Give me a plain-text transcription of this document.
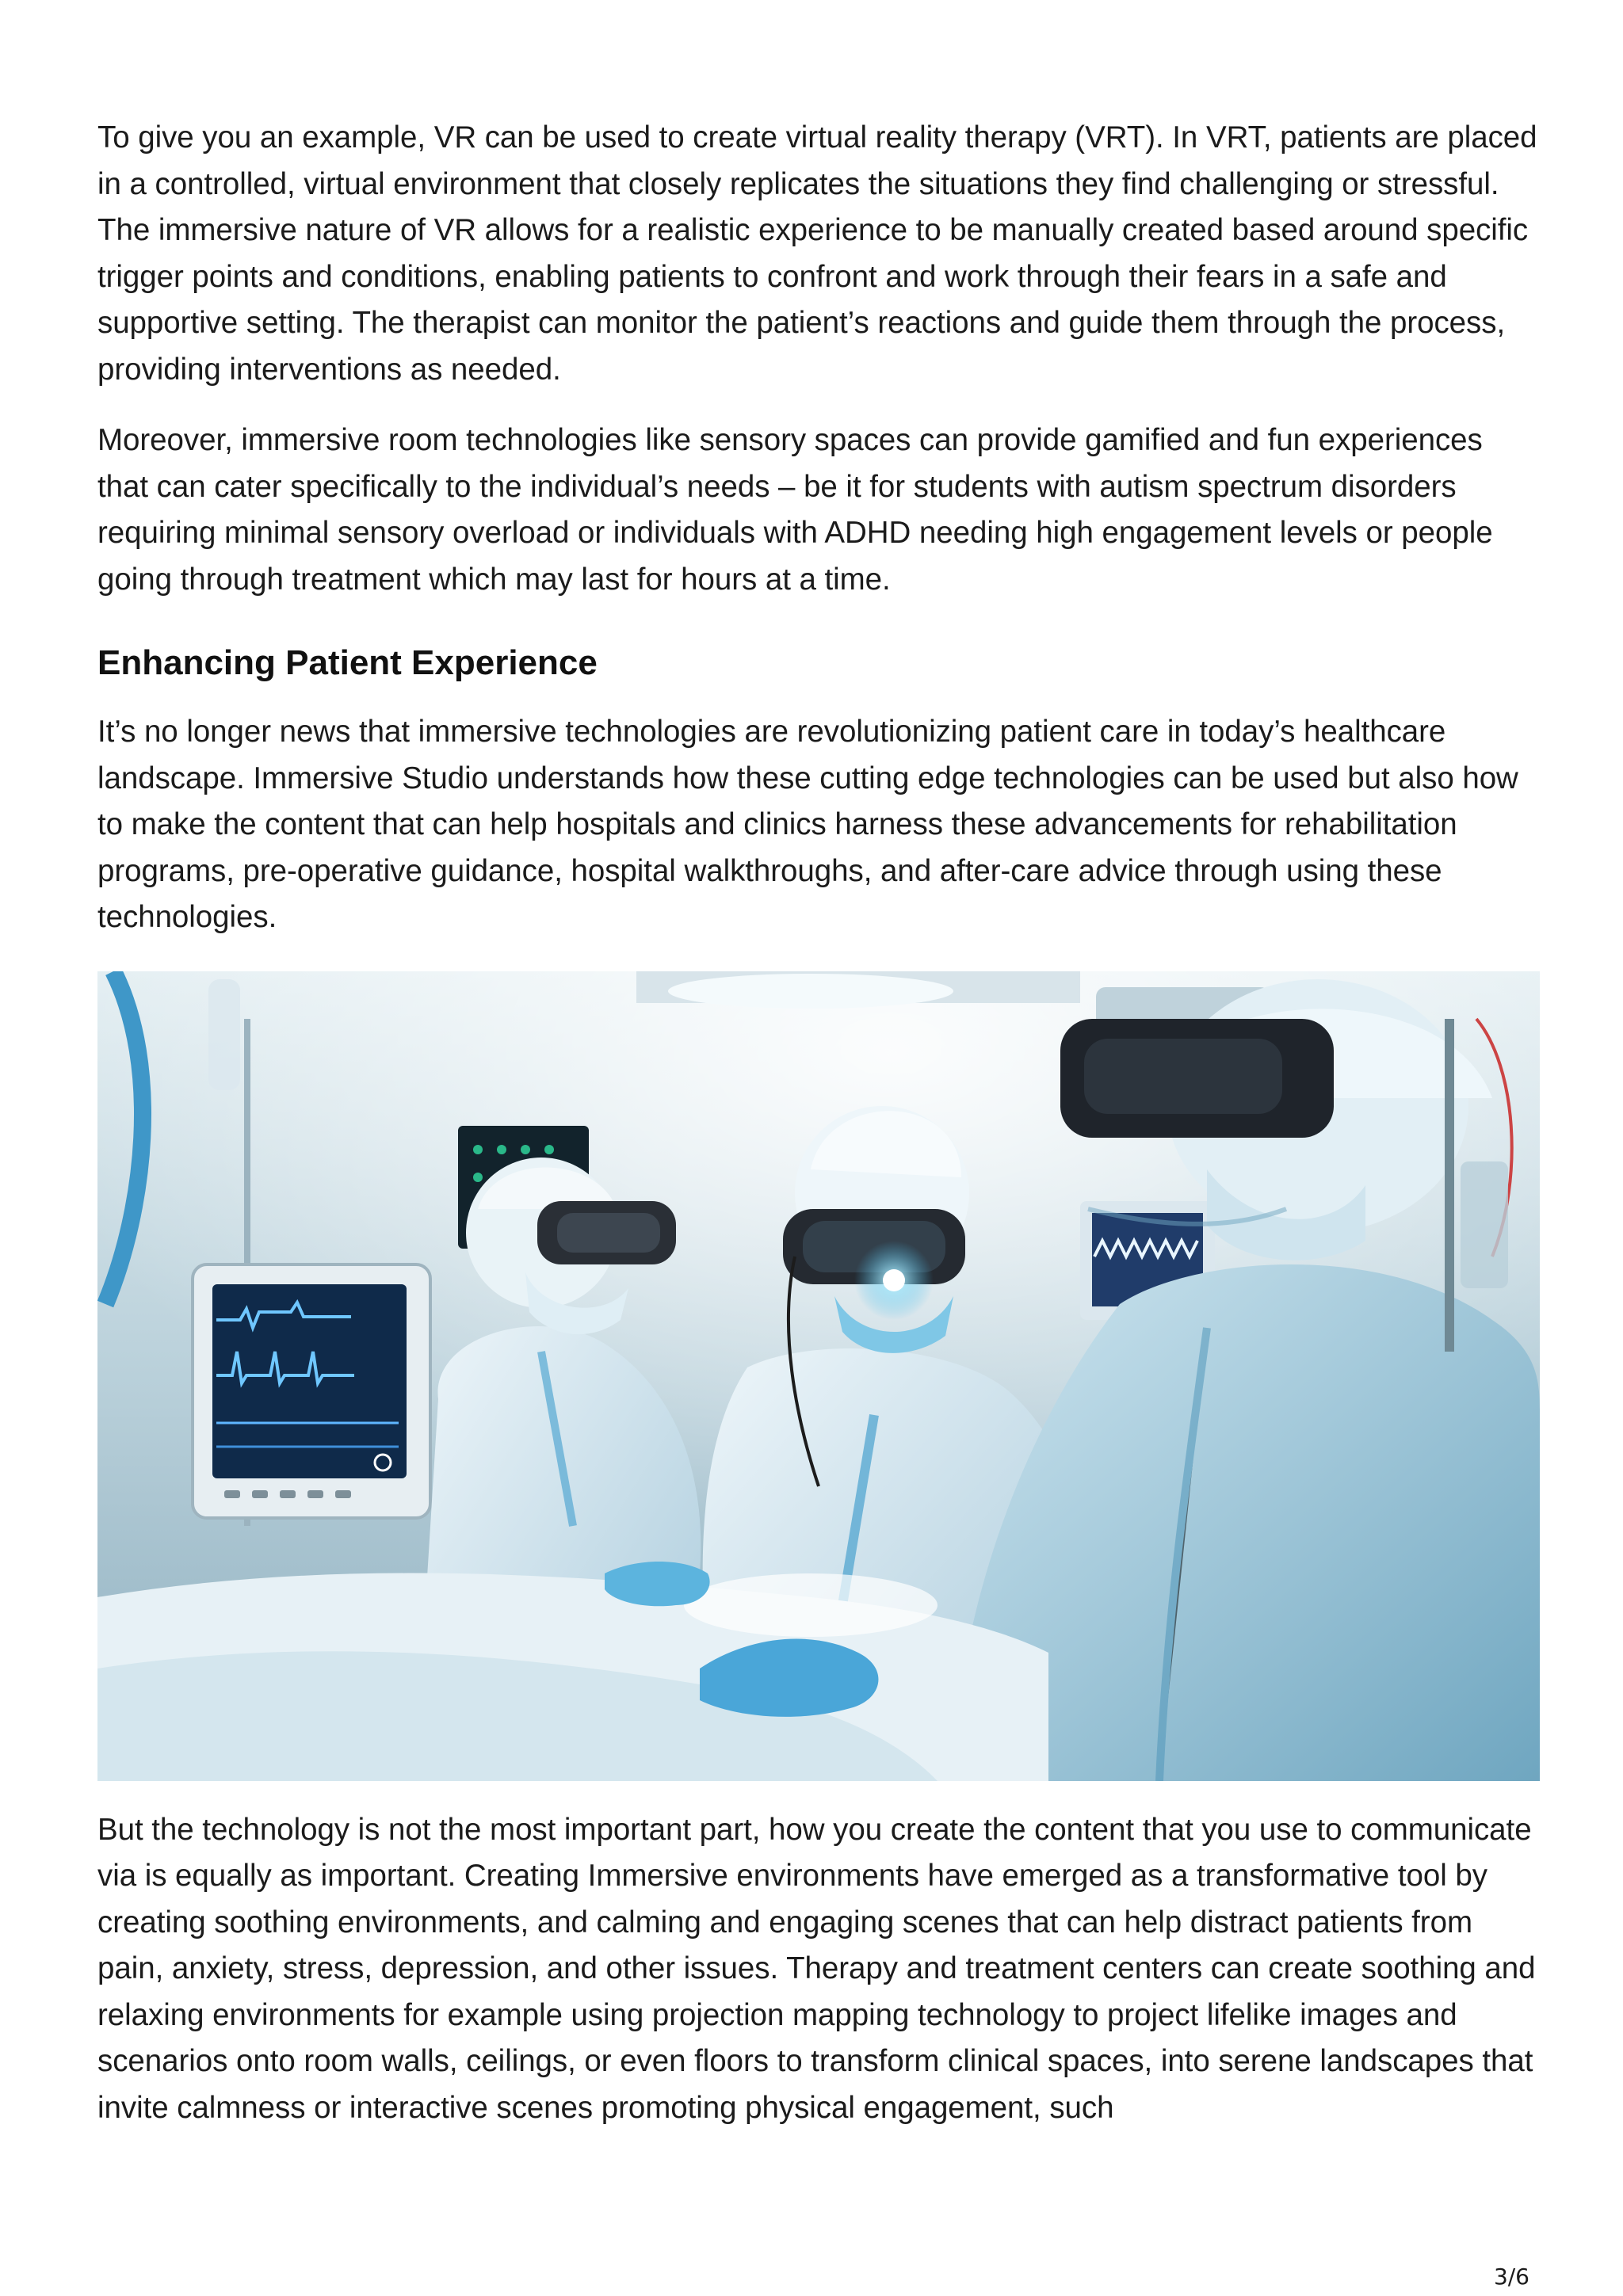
To give you an example, VR can be used to create virtual reality therapy (VRT). In VRT, patients are placed in a controlled, virtual environment that closely replicates the situations they find challenging or stressful. The immersive nature of VR allows for a realistic experience to be manually created based around specific trigger points and conditions, enabling patients to confront and work through their fears in a safe and supportive setting. The therapist can monitor the patient’s reactions and guide them through the process, providing interventions as needed.

Moreover, immersive room technologies like sensory spaces can provide gamified and fun experiences that can cater specifically to the individual’s needs – be it for students with autism spectrum disorders requiring minimal sensory overload or individuals with ADHD needing high engagement levels or people going through treatment which may last for hours at a time.

Enhancing Patient Experience

It’s no longer news that immersive technologies are revolutionizing patient care in today’s healthcare landscape. Immersive Studio understands how these cutting edge technologies can be used but also how to make the content that can help hospitals and clinics harness these advancements for rehabilitation programs, pre-operative guidance, hospital walkthroughs, and after-care advice through using these technologies.

But the technology is not the most important part, how you create the content that you use to communicate via is equally as important. Creating Immersive environments have emerged as a transformative tool by creating soothing environments, and calming and engaging scenes that can help distract patients from pain, anxiety, stress, depression, and other issues. Therapy and treatment centers can create soothing and relaxing environments for example using projection mapping technology to project lifelike images and scenarios onto room walls, ceilings, or even floors to transform clinical spaces, into serene landscapes that invite calmness or interactive scenes promoting physical engagement, such

3/6
